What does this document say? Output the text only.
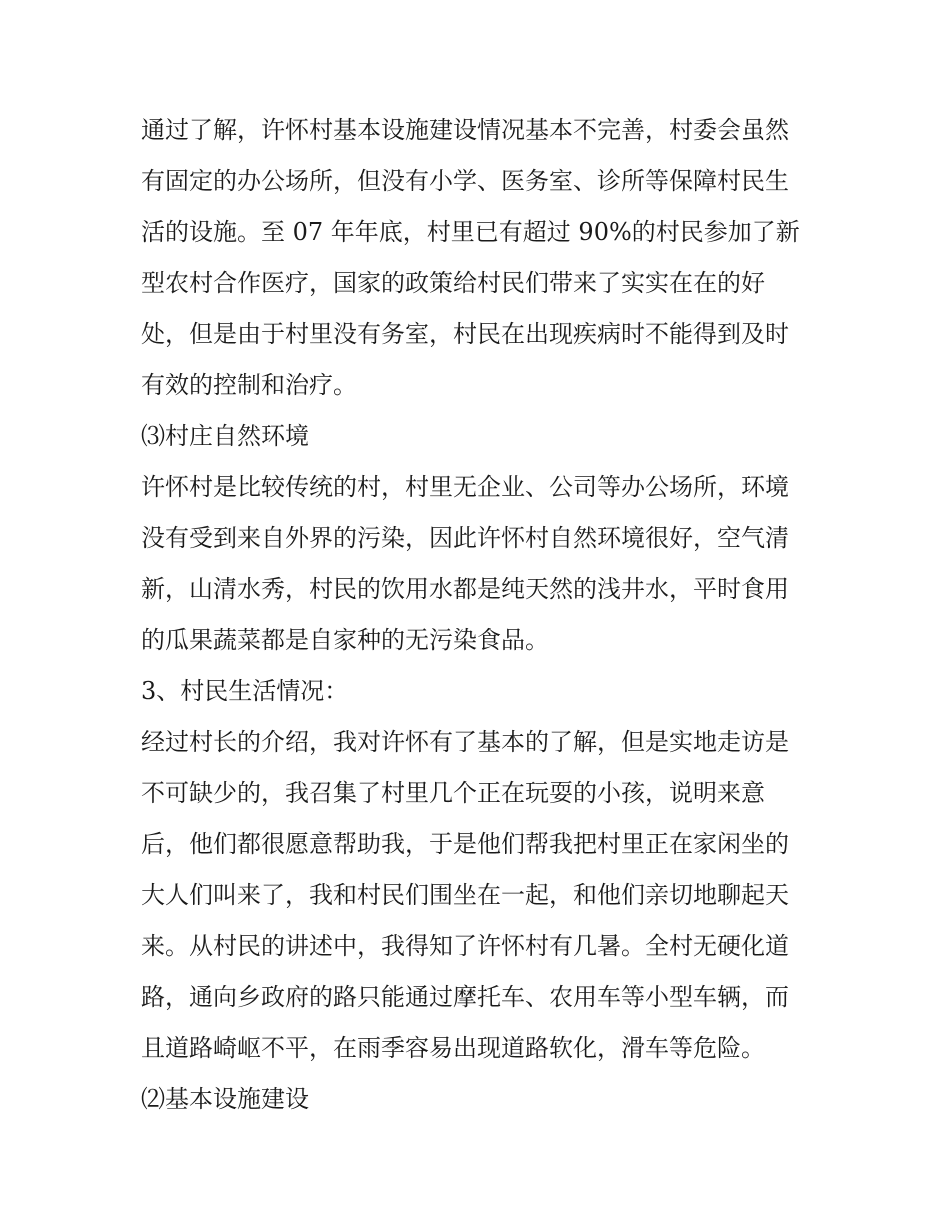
通过了解，许怀村基本设施建设情况基本不完善，村委会虽然
有固定的办公场所，但没有小学、医务室、诊所等保障村民生
活的设施。至 07 年年底，村里已有超过 90%的村民参加了新
型农村合作医疗，国家的政策给村民们带来了实实在在的好
处，但是由于村里没有务室，村民在出现疾病时不能得到及时
有效的控制和治疗。
⑶村庄自然环境
许怀村是比较传统的村，村里无企业、公司等办公场所，环境
没有受到来自外界的污染，因此许怀村自然环境很好，空气清
新，山清水秀，村民的饮用水都是纯天然的浅井水，平时食用
的瓜果蔬菜都是自家种的无污染食品。
3、村民生活情况：
经过村长的介绍，我对许怀有了基本的了解，但是实地走访是
不可缺少的，我召集了村里几个正在玩耍的小孩，说明来意
后，他们都很愿意帮助我，于是他们帮我把村里正在家闲坐的
大人们叫来了，我和村民们围坐在一起，和他们亲切地聊起天
来。从村民的讲述中，我得知了许怀村有几暑。全村无硬化道
路，通向乡政府的路只能通过摩托车、农用车等小型车辆，而
且道路崎岖不平，在雨季容易出现道路软化，滑车等危险。
⑵基本设施建设
